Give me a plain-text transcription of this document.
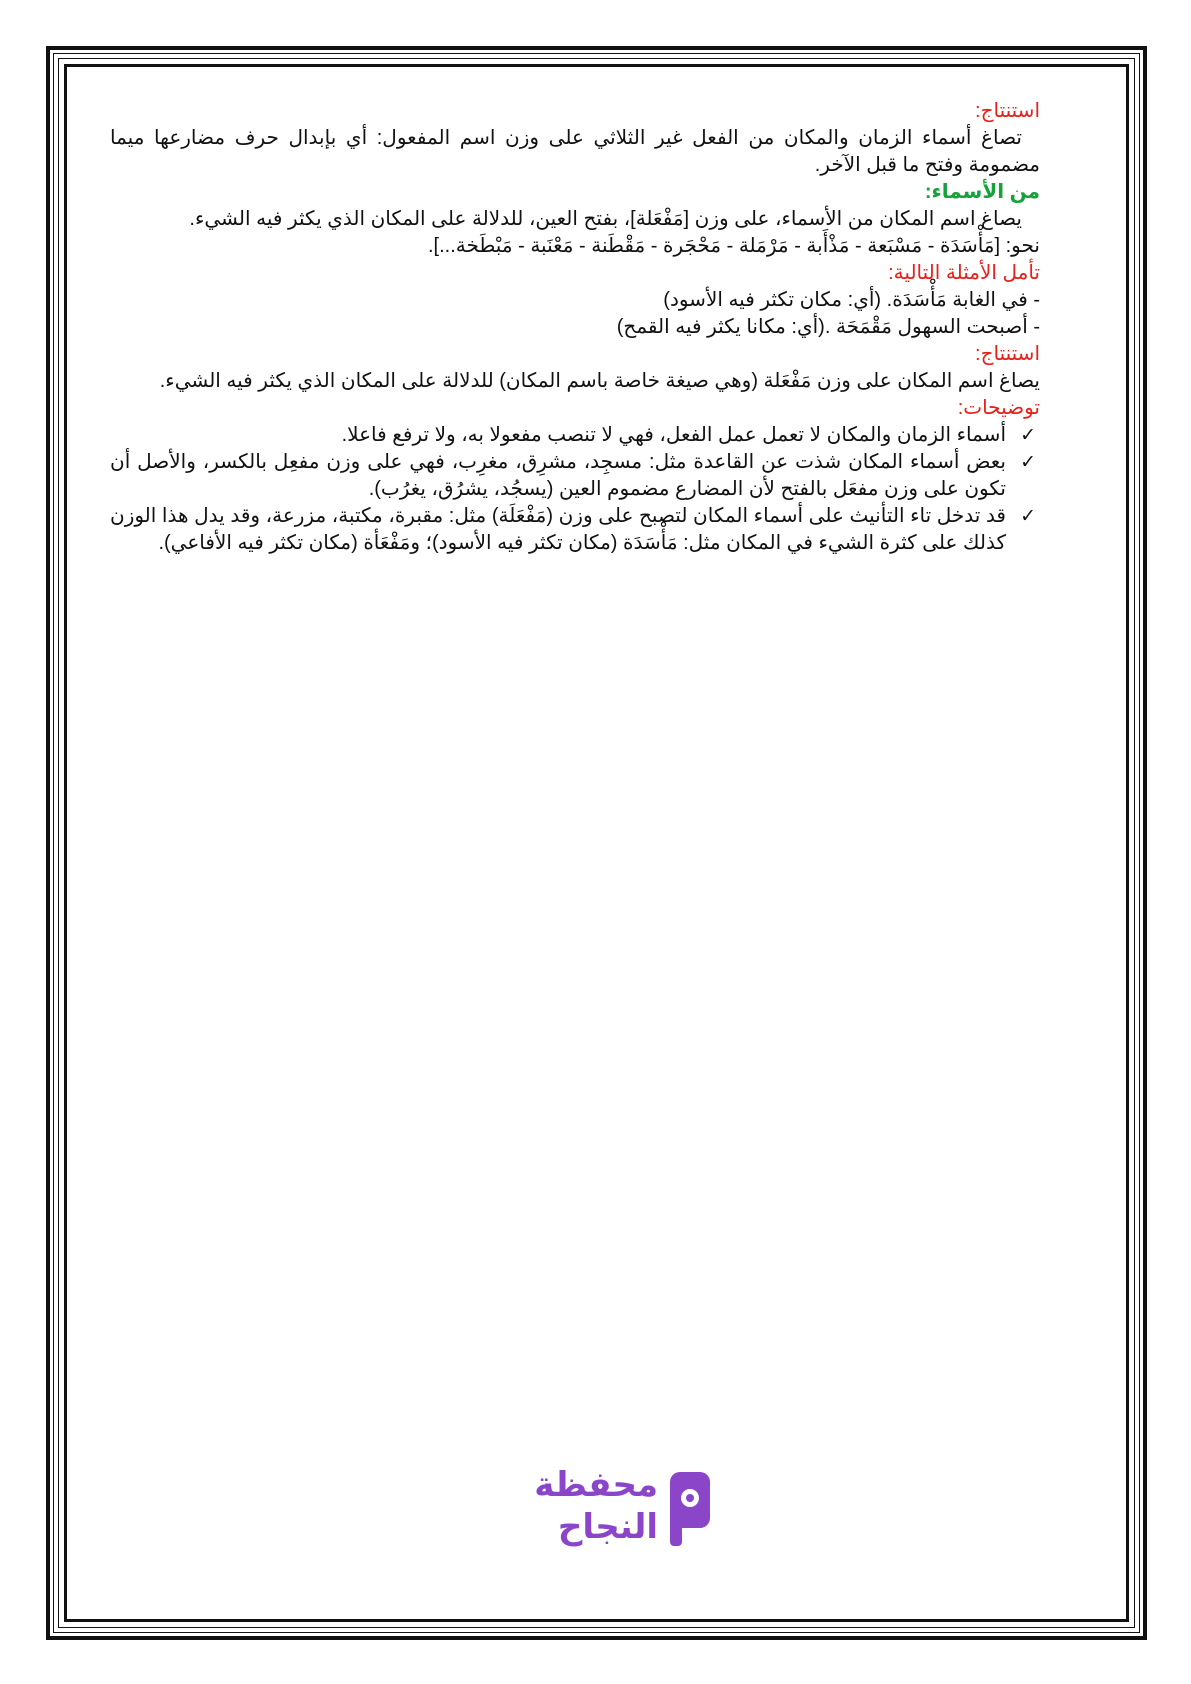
استنتاج:

تصاغ أسماء الزمان والمكان من الفعل غير الثلاثي على وزن اسم المفعول: أي بإبدال حرف مضارعها ميما مضمومة وفتح ما قبل الآخر.

من الأسماء:

يصاغ اسم المكان من الأسماء، على وزن [مَفْعَلة]، بفتح العين، للدلالة على المكان الذي يكثر فيه الشيء.

نحو: [مَأْسَدَة - مَسْبَعة - مَذْأَبة - مَرْمَلة - مَحْجَرة - مَقْطَنة - مَعْنَبة - مَبْطَخة...].

تأمل الأمثلة التالية:

- في الغابة مَأْسَدَة. (أي: مكان تكثر فيه الأسود)

- أصبحت السهول مَقْمَحَة .(أي: مكانا يكثر فيه القمح)

استنتاج:

يصاغ اسم المكان على وزن مَفْعَلة (وهي صيغة خاصة باسم المكان) للدلالة على المكان الذي يكثر فيه الشيء.

توضيحات:
✓
أسماء الزمان والمكان لا تعمل عمل الفعل، فهي لا تنصب مفعولا به، ولا ترفع فاعلا.
✓
بعض أسماء المكان شذت عن القاعدة مثل: مسجِد، مشرِق، مغرِب، فهي على وزن مفعِل بالكسر، والأصل أن تكون على وزن مفعَل بالفتح لأن المضارع مضموم العين (يسجُد، يشرُق، يغرُب).
✓
قد تدخل تاء التأنيث على أسماء المكان لتصبح على وزن (مَفْعَلَة) مثل: مقبرة، مكتبة، مزرعة، وقد يدل هذا الوزن كذلك على كثرة الشيء في المكان مثل: مَأْسَدَة (مكان تكثر فيه الأسود)؛ ومَفْعَأة (مكان تكثر فيه الأفاعي).
محفظة
النجاح
